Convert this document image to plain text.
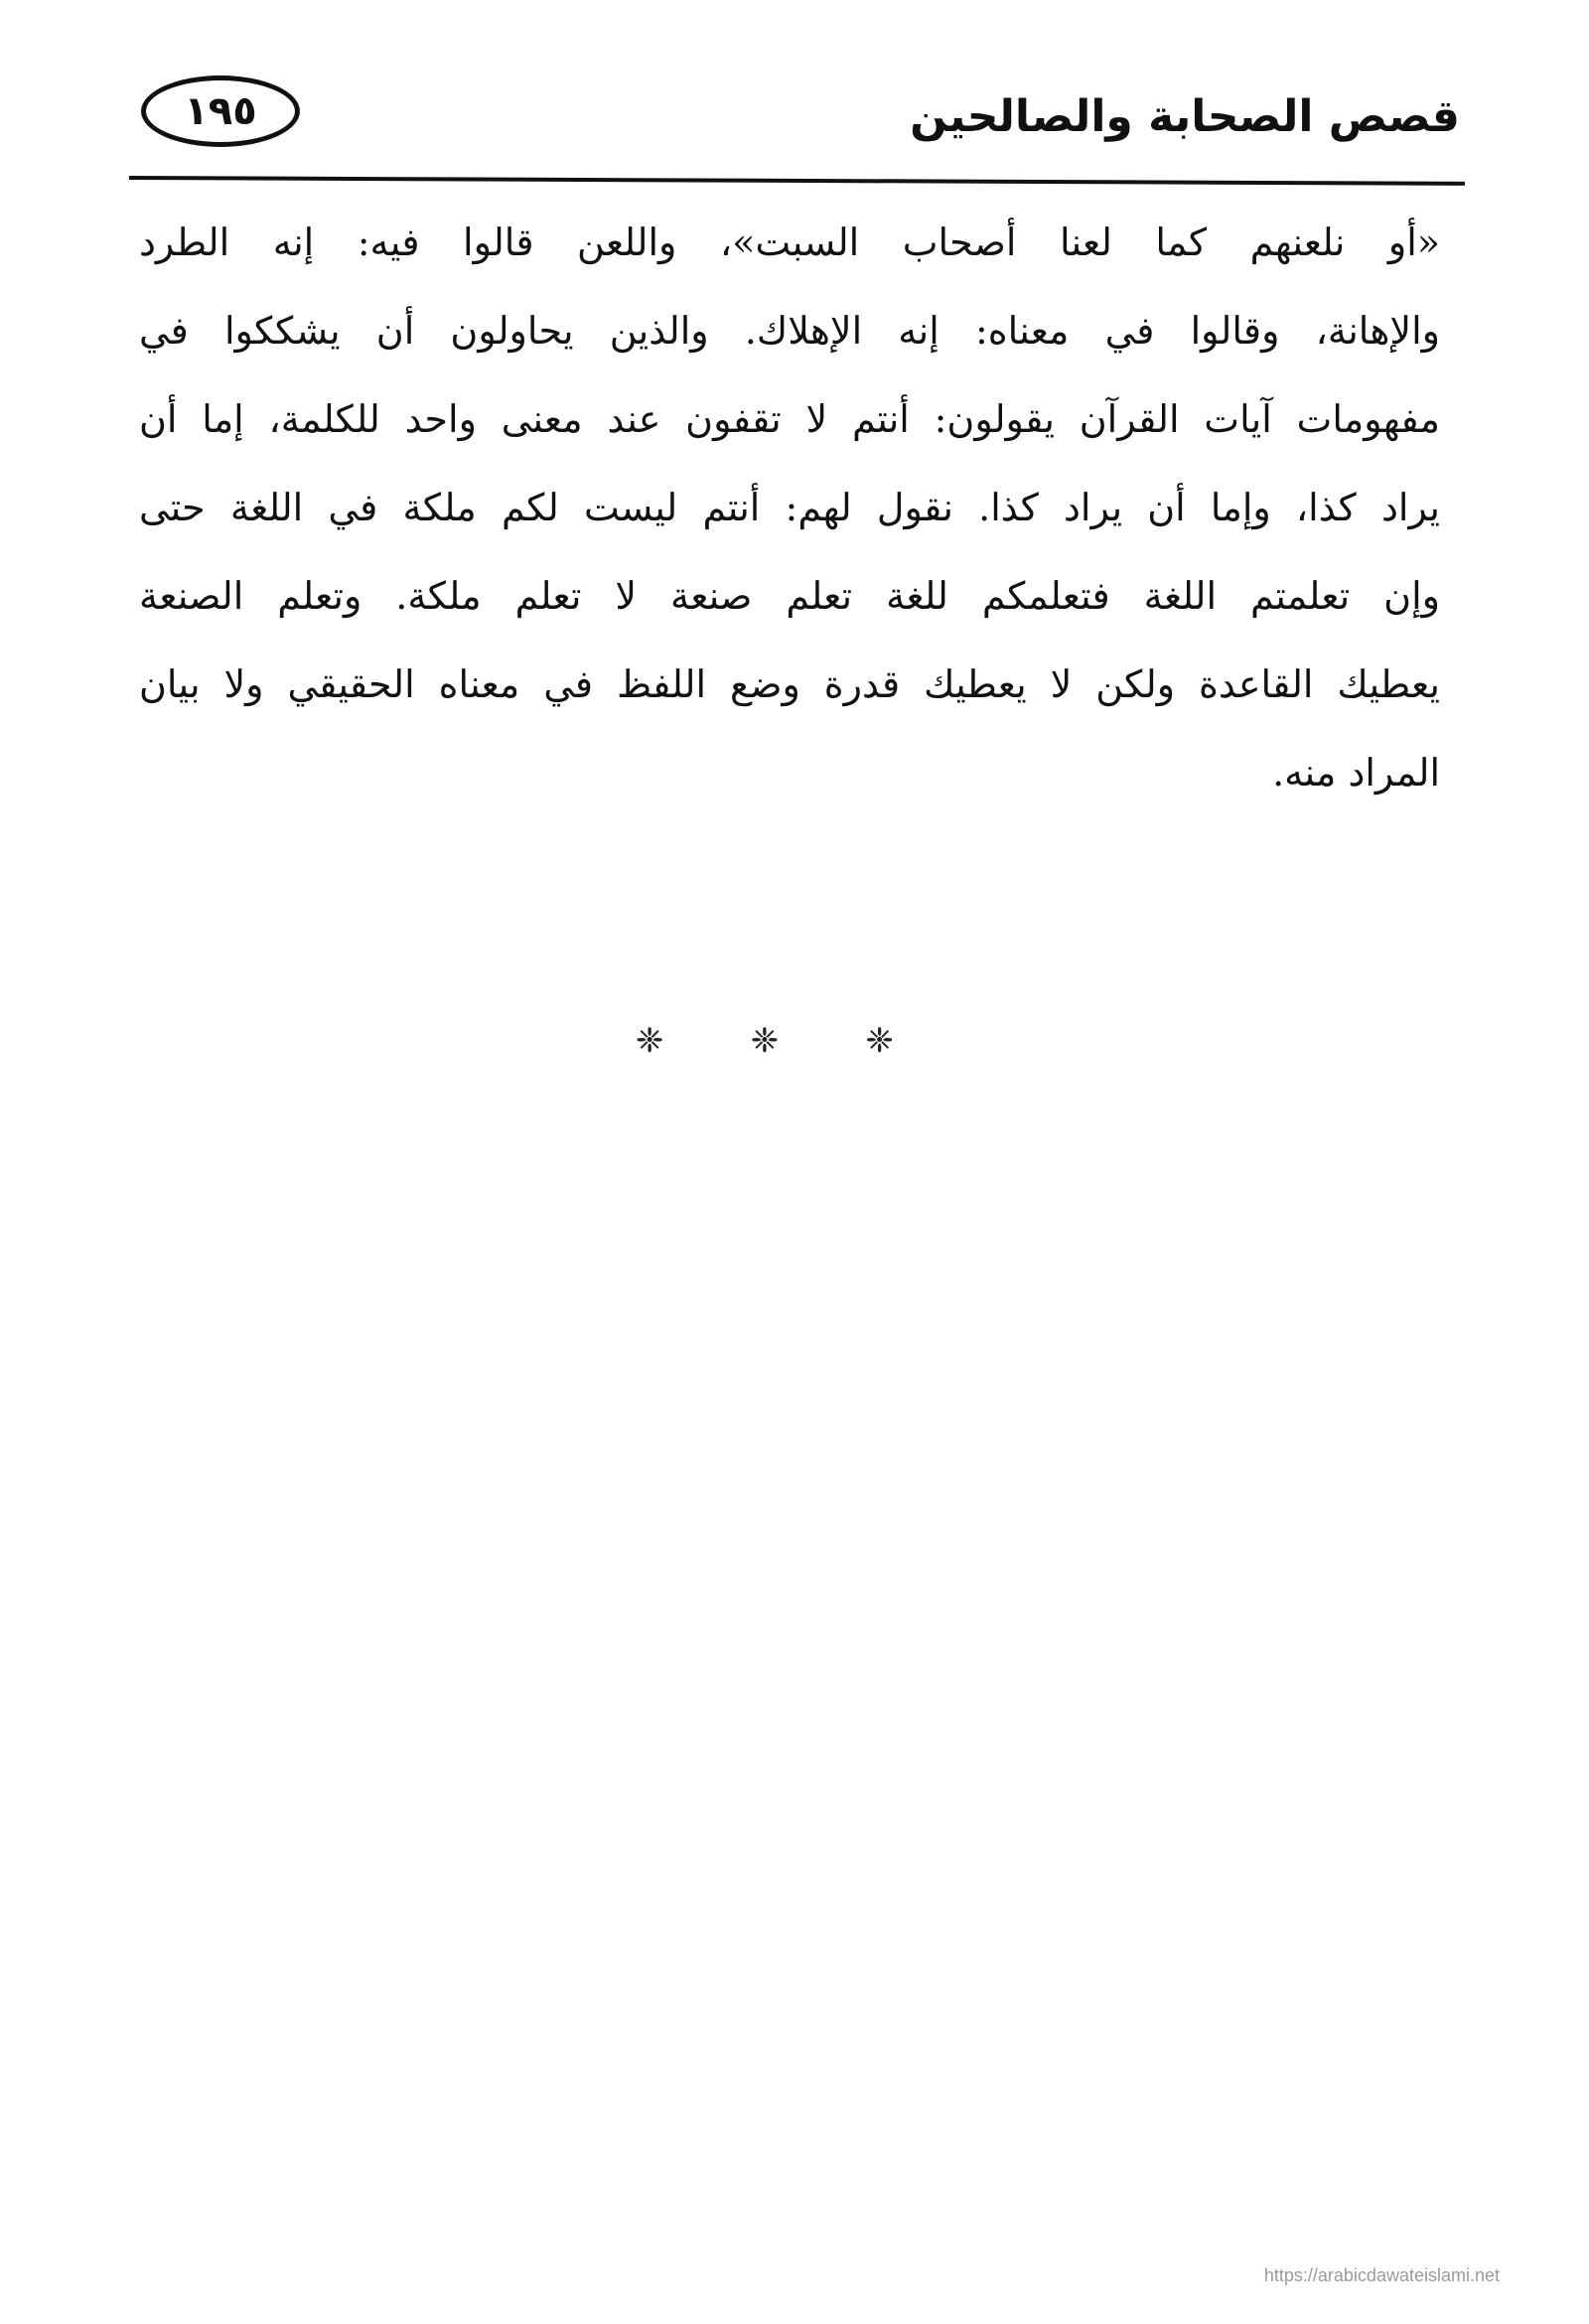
١٩٥	قصص الصحابة والصالحين
«أو نلعنهم كما لعنا أصحاب السبت»، واللعن قالوا فيه: إنه الطرد
والإهانة، وقالوا في معناه: إنه الإهلاك. والذين يحاولون أن يشككوا في
مفهومات آيات القرآن يقولون: أنتم لا تقفون عند معنى واحد للكلمة، إما أن
يراد كذا، وإما أن يراد كذا. نقول لهم: أنتم ليست لكم ملكة في اللغة حتى
وإن تعلمتم اللغة فتعلمكم للغة تعلم صنعة لا تعلم ملكة. وتعلم الصنعة
يعطيك القاعدة ولكن لا يعطيك قدرة وضع اللفظ في معناه الحقيقي ولا بيان
المراد منه.
❈	❈	❈
https://arabicdawateislami.net
